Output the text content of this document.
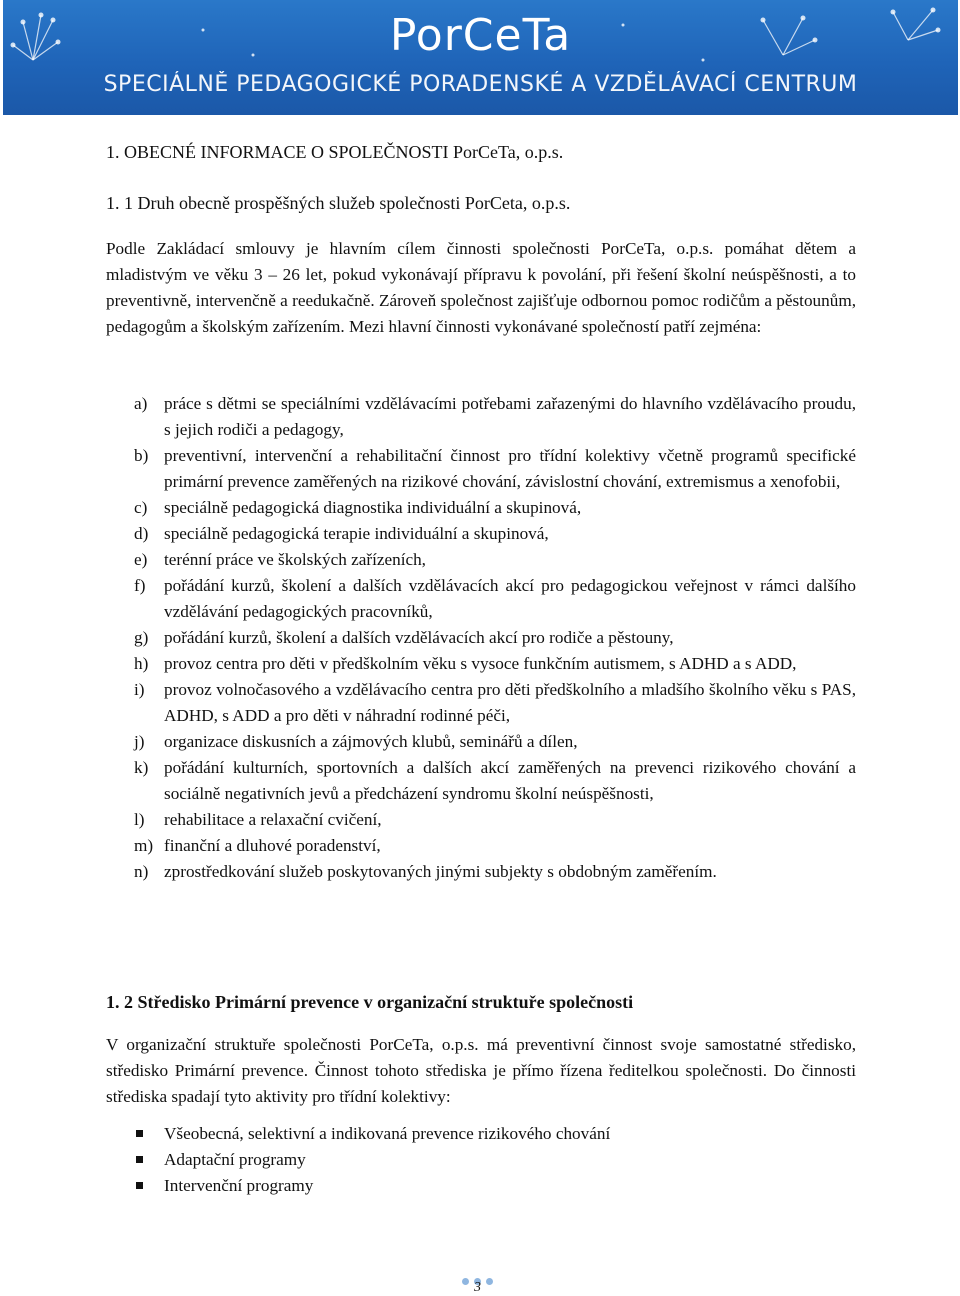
PorCeTa
SPECIÁLNĚ PEDAGOGICKÉ PORADENSKÉ A VZDĚLÁVACÍ CENTRUM
1. OBECNÉ INFORMACE O SPOLEČNOSTI PorCeTa, o.p.s.
1. 1 Druh obecně prospěšných služeb společnosti PorCeta, o.p.s.

Podle Zakládací smlouvy je hlavním cílem činnosti společnosti PorCeTa, o.p.s. pomáhat dětem a mladistvým ve věku 3 – 26 let, pokud vykonávají přípravu k povolání, při řešení školní neúspěšnosti, a to preventivně, intervenčně a reedukačně. Zároveň společnost zajišťuje odbornou pomoc rodičům a pěstounům, pedagogům a školským zařízením. Mezi hlavní činnosti vykonávané společností patří zejména:

a) práce s dětmi se speciálními vzdělávacími potřebami zařazenými do hlavního vzdělávacího proudu, s jejich rodiči a pedagogy,
b) preventivní, intervenční a rehabilitační činnost pro třídní kolektivy včetně programů specifické primární prevence zaměřených na rizikové chování, závislostní chování, extremismus a xenofobii,
c) speciálně pedagogická diagnostika individuální a skupinová,
d) speciálně pedagogická terapie individuální a skupinová,
e) terénní práce ve školských zařízeních,
f) pořádání kurzů, školení a dalších vzdělávacích akcí pro pedagogickou veřejnost v rámci dalšího vzdělávání pedagogických pracovníků,
g) pořádání kurzů, školení a dalších vzdělávacích akcí pro rodiče a pěstouny,
h) provoz centra pro děti v předškolním věku s vysoce funkčním autismem, s ADHD a s ADD,
i) provoz volnočasového a vzdělávacího centra pro děti předškolního a mladšího školního věku s PAS, ADHD, s ADD a pro děti v náhradní rodinné péči,
j) organizace diskusních a zájmových klubů, seminářů a dílen,
k) pořádání kulturních, sportovních a dalších akcí zaměřených na prevenci rizikového chování a sociálně negativních jevů a předcházení syndromu školní neúspěšnosti,
l) rehabilitace a relaxační cvičení,
m) finanční a dluhové poradenství,
n) zprostředkování služeb poskytovaných jinými subjekty s obdobným zaměřením.
1. 2 Středisko Primární prevence v organizační struktuře společnosti

V organizační struktuře společnosti PorCeTa, o.p.s. má preventivní činnost svoje samostatné středisko, středisko Primární prevence. Činnost tohoto střediska je přímo řízena ředitelkou společnosti. Do činnosti střediska spadají tyto aktivity pro třídní kolektivy:

Všeobecná, selektivní a indikovaná prevence rizikového chování
Adaptační programy
Intervenční programy
3
